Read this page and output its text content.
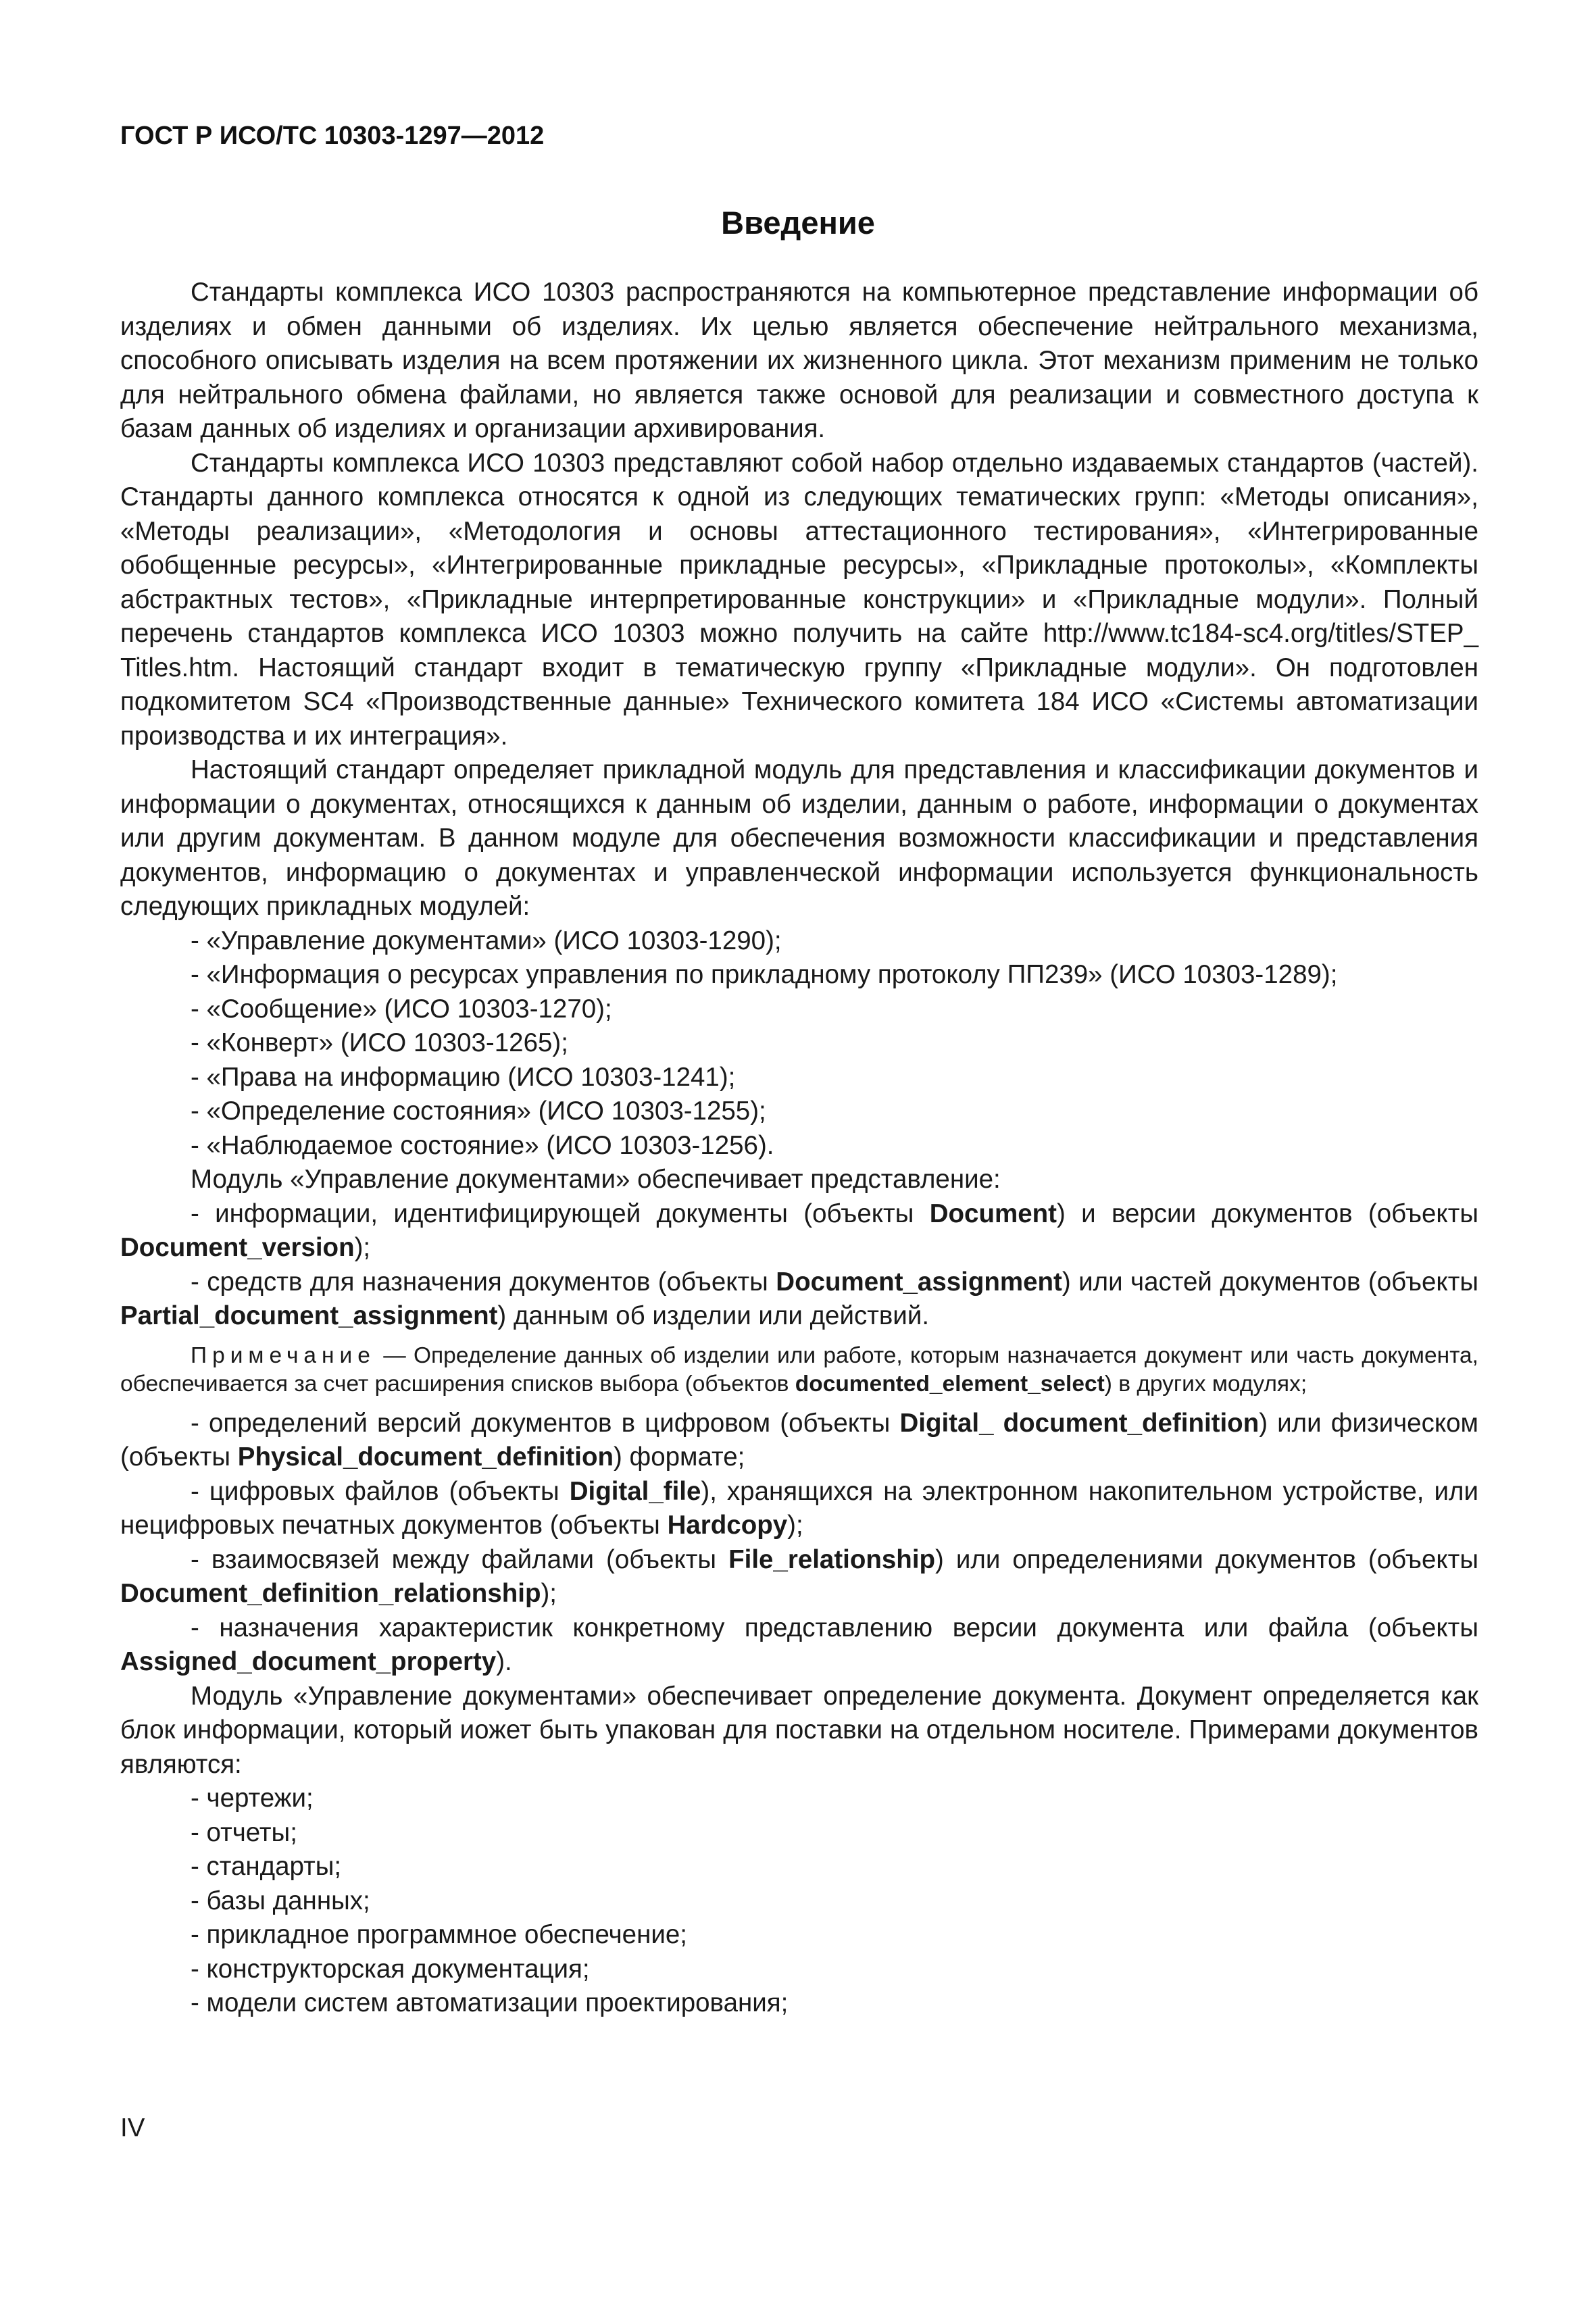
ГОСТ Р ИСО/ТС 10303-1297—2012
Введение

Стандарты комплекса ИСО 10303 распространяются на компьютерное представление информации об изделиях и обмен данными об изделиях. Их целью является обеспечение нейтрального механизма, способного описывать изделия на всем протяжении их жизненного цикла. Этот механизм применим не только для нейтрального обмена файлами, но является также основой для реализации и совместного доступа к базам данных об изделиях и организации архивирования.

Стандарты комплекса ИСО 10303 представляют собой набор отдельно издаваемых стандартов (частей). Стандарты данного комплекса относятся к одной из следующих тематических групп: «Методы описания», «Методы реализации», «Методология и основы аттестационного тестирования», «Интегрированные обобщенные ресурсы», «Интегрированные прикладные ресурсы», «Прикладные протоколы», «Комплекты абстрактных тестов», «Прикладные интерпретированные конструкции» и «Прикладные модули». Полный перечень стандартов комплекса ИСО 10303 можно получить на сайте http://www.tc184-sc4.org/titles/STEP_ Titles.htm. Настоящий стандарт входит в тематическую группу «Прикладные модули». Он подготовлен подкомитетом SC4 «Производственные данные» Технического комитета 184 ИСО «Системы автоматизации производства и их интеграция».

Настоящий стандарт определяет прикладной модуль для представления и классификации документов и информации о документах, относящихся к данным об изделии, данным о работе, информации о документах или другим документам. В данном модуле для обеспечения возможности классификации и представления документов, информацию о документах и управленческой информации используется функциональность следующих прикладных модулей:

- «Управление документами» (ИСО 10303-1290);

- «Информация о ресурсах управления по прикладному протоколу ПП239» (ИСО 10303-1289);

- «Сообщение» (ИСО 10303-1270);

- «Конверт» (ИСО 10303-1265);

- «Права на информацию (ИСО 10303-1241);

- «Определение состояния» (ИСО 10303-1255);

- «Наблюдаемое состояние» (ИСО 10303-1256).

Модуль «Управление документами» обеспечивает представление:

- информации, идентифицирующей документы (объекты Document) и версии документов (объекты Document_version);

- средств для назначения документов (объекты Document_assignment) или частей документов (объекты Partial_document_assignment) данным об изделии или действий.

Примечание — Определение данных об изделии или работе, которым назначается документ или часть документа, обеспечивается за счет расширения списков выбора (объектов documented_element_select) в других модулях;

- определений версий документов в цифровом (объекты Digital_ document_definition) или физическом (объекты Physical_document_definition) формате;

- цифровых файлов (объекты Digital_file), хранящихся на электронном накопительном устройстве, или нецифровых печатных документов (объекты Hardcopy);

- взаимосвязей между файлами (объекты File_relationship) или определениями документов (объекты Document_definition_relationship);

- назначения характеристик конкретному представлению версии документа или файла (объекты Assigned_document_property).

Модуль «Управление документами» обеспечивает определение документа. Документ определяется как блок информации, который иожет быть упакован для поставки на отдельном носителе. Примерами документов являются:

- чертежи;

- отчеты;

- стандарты;

- базы данных;

- прикладное программное обеспечение;

- конструкторская документация;

- модели систем автоматизации проектирования;

IV
